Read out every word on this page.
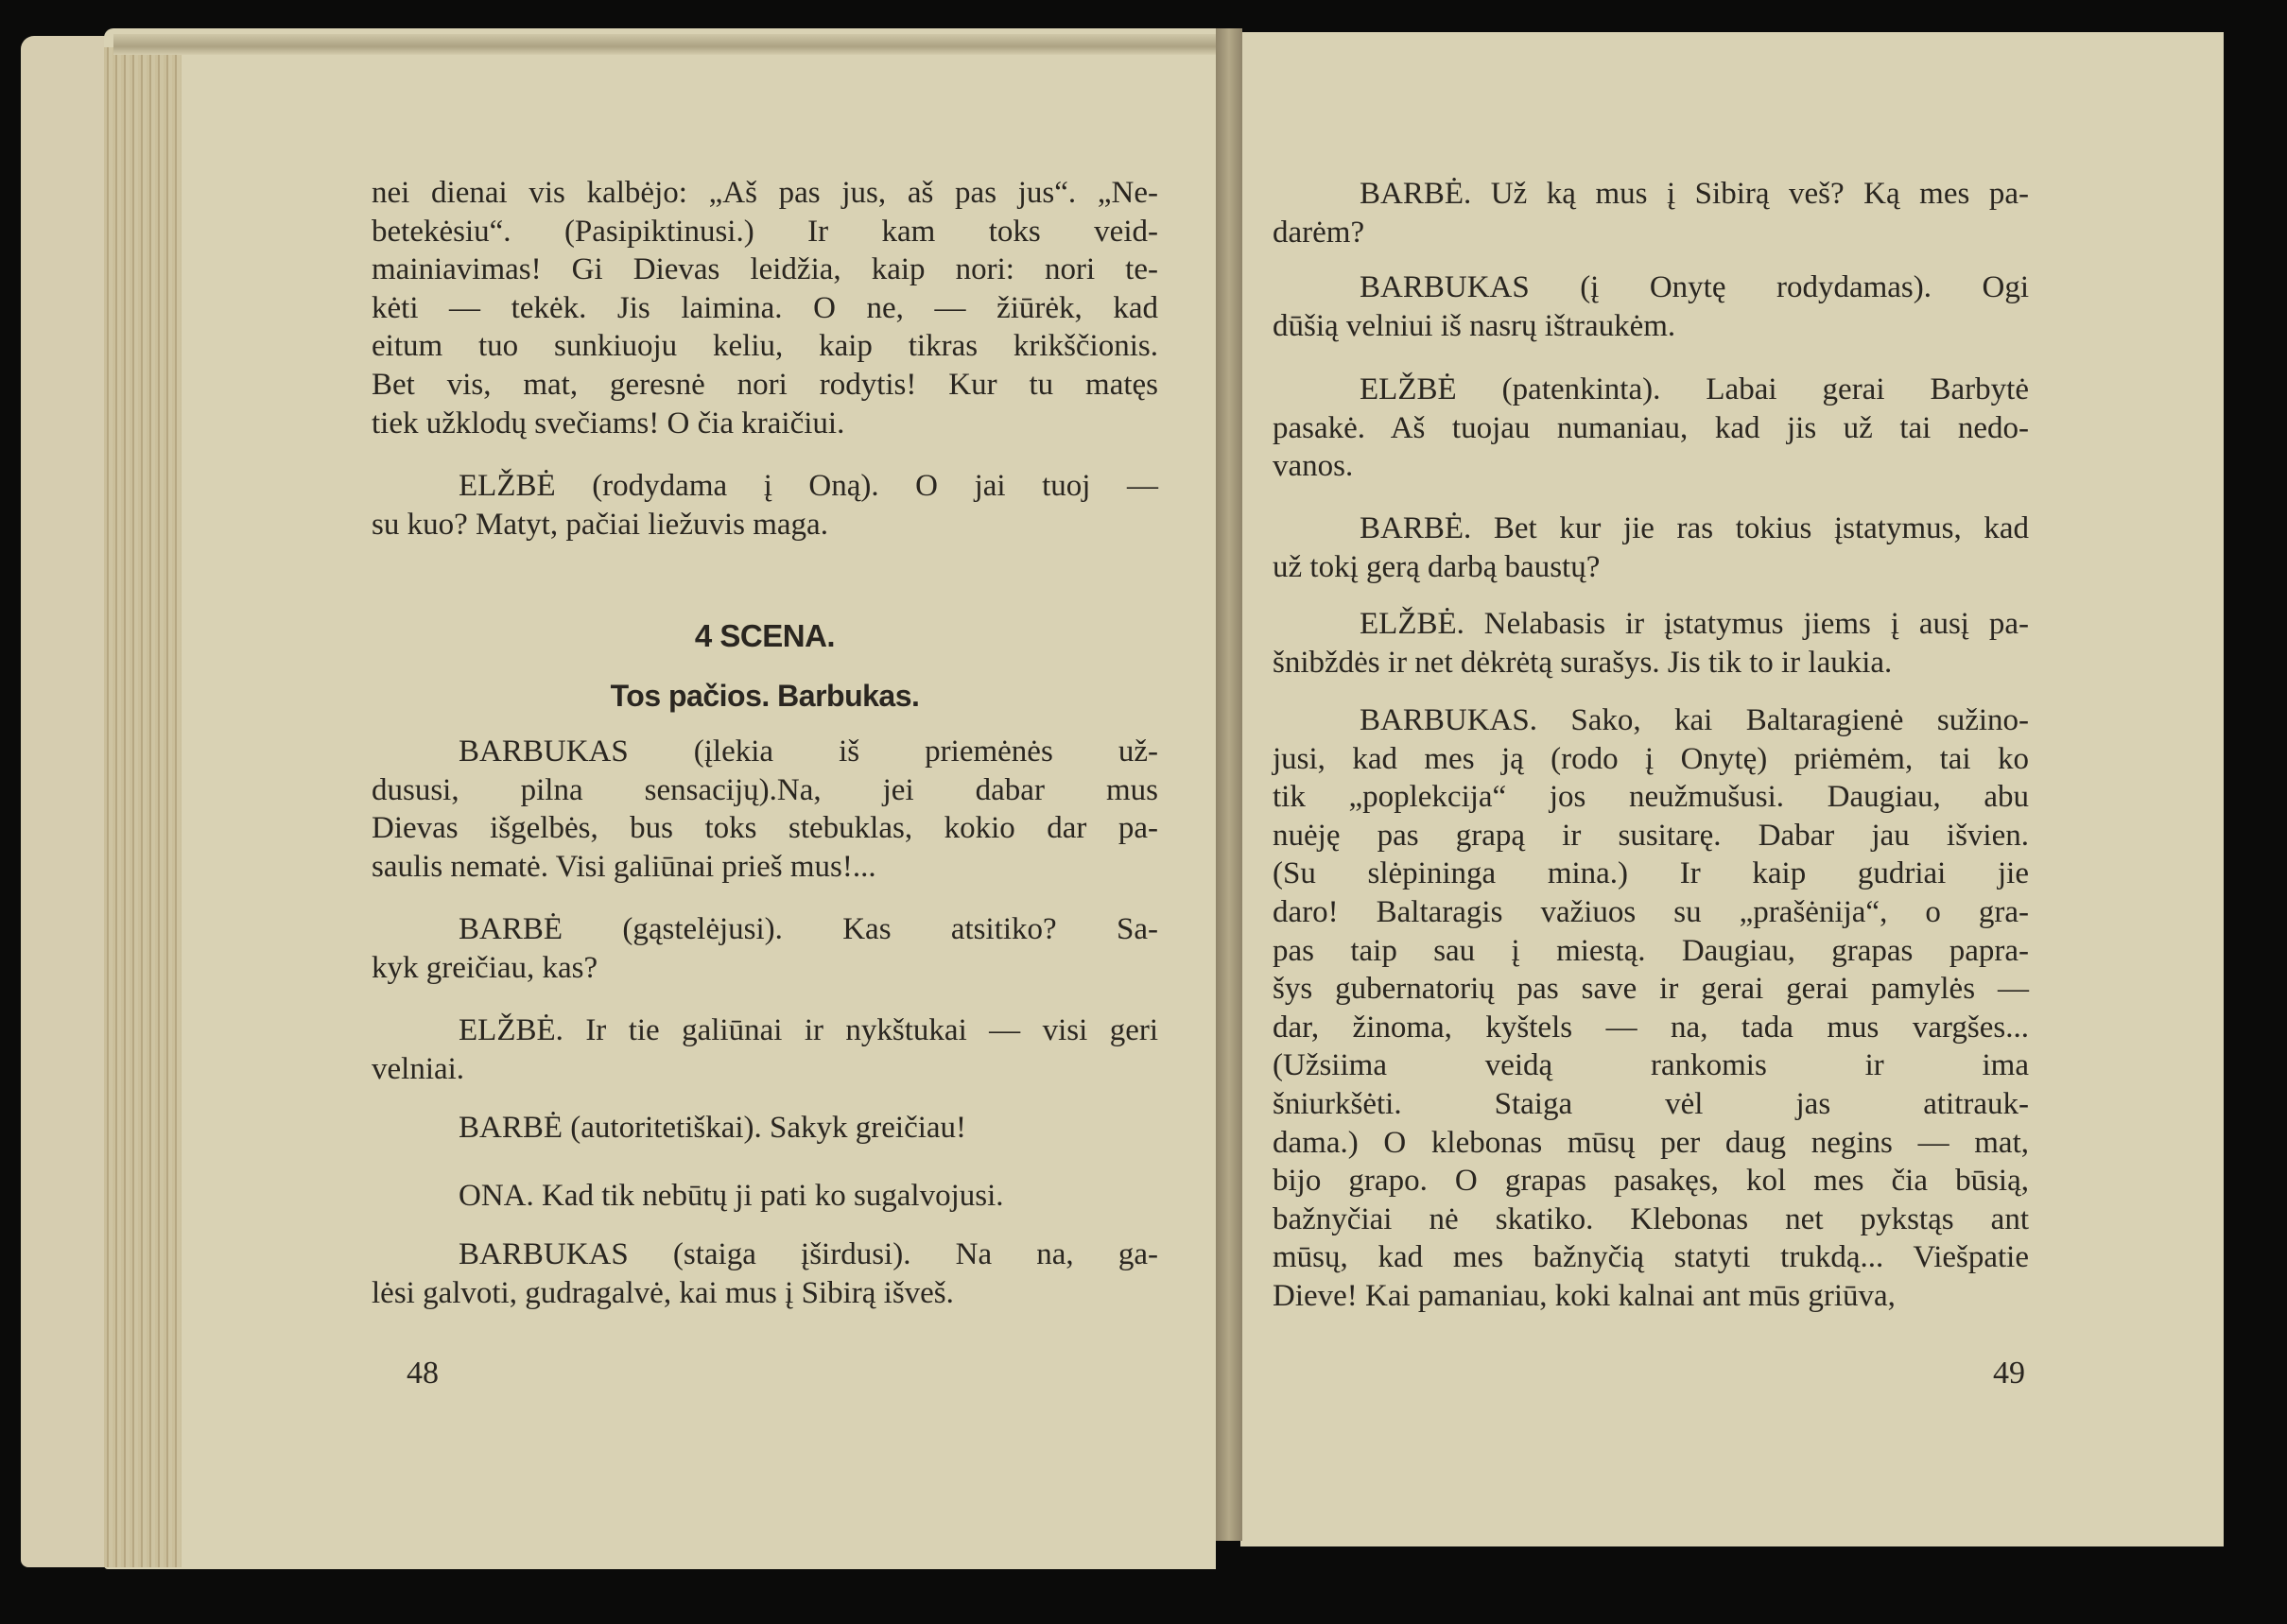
4 SCENA.
Tos pačios. Barbukas.
nei dienai vis kalbėjo: „Aš pas jus, aš pas jus“. „Ne-
betekėsiu“. (Pasipiktinusi.) Ir kam toks veid-
mainiavimas! Gi Dievas leidžia, kaip nori: nori te-
kėti — tekėk. Jis laimina. O ne, — žiūrėk, kad
eitum tuo sunkiuoju keliu, kaip tikras krikščionis.
Bet vis, mat, geresnė nori rodytis! Kur tu matęs
tiek užklodų svečiams! O čia kraičiui.
ELŽBĖ (rodydama į Oną). O jai tuoj —
su kuo? Matyt, pačiai liežuvis maga.
BARBUKAS (įlekia iš priemėnės už-
dususi, pilna sensacijų).Na, jei dabar mus
Dievas išgelbės, bus toks stebuklas, kokio dar pa-
saulis nematė. Visi galiūnai prieš mus!...
BARBĖ (gąstelėjusi). Kas atsitiko? Sa-
kyk greičiau, kas?
ELŽBĖ. Ir tie galiūnai ir nykštukai — visi geri
velniai.
BARBĖ (autoritetiškai). Sakyk greičiau!
ONA. Kad tik nebūtų ji pati ko sugalvojusi.
BARBUKAS (staiga įširdusi). Na na, ga-
lėsi galvoti, gudragalvė, kai mus į Sibirą išveš.
BARBĖ. Už ką mus į Sibirą veš? Ką mes pa-
darėm?
BARBUKAS (į Onytę rodydamas). Ogi
dūšią velniui iš nasrų ištraukėm.
ELŽBĖ (patenkinta). Labai gerai Barbytė
pasakė. Aš tuojau numaniau, kad jis už tai nedo-
vanos.
BARBĖ. Bet kur jie ras tokius įstatymus, kad
už tokį gerą darbą baustų?
ELŽBĖ. Nelabasis ir įstatymus jiems į ausį pa-
šnibždės ir net dėkrėtą surašys. Jis tik to ir laukia.
BARBUKAS. Sako, kai Baltaragienė sužino-
jusi, kad mes ją (rodo į Onytę) priėmėm, tai ko
tik „poplekcija“ jos neužmušusi. Daugiau, abu
nuėję pas grapą ir susitarę. Dabar jau išvien.
(Su slėpininga mina.) Ir kaip gudriai jie
daro! Baltaragis važiuos su „prašėnija“, o gra-
pas taip sau į miestą. Daugiau, grapas papra-
šys gubernatorių pas save ir gerai gerai pamylės —
dar, žinoma, kyštels — na, tada mus vargšes...
(Užsiima veidą rankomis ir ima
šniurkšėti. Staiga vėl jas atitrauk-
dama.) O klebonas mūsų per daug negins — mat,
bijo grapo. O grapas pasakęs, kol mes čia būsią,
bažnyčiai nė skatiko. Klebonas net pykstąs ant
mūsų, kad mes bažnyčią statyti trukdą... Viešpatie
Dieve! Kai pamaniau, koki kalnai ant mūs griūva,
48	49
